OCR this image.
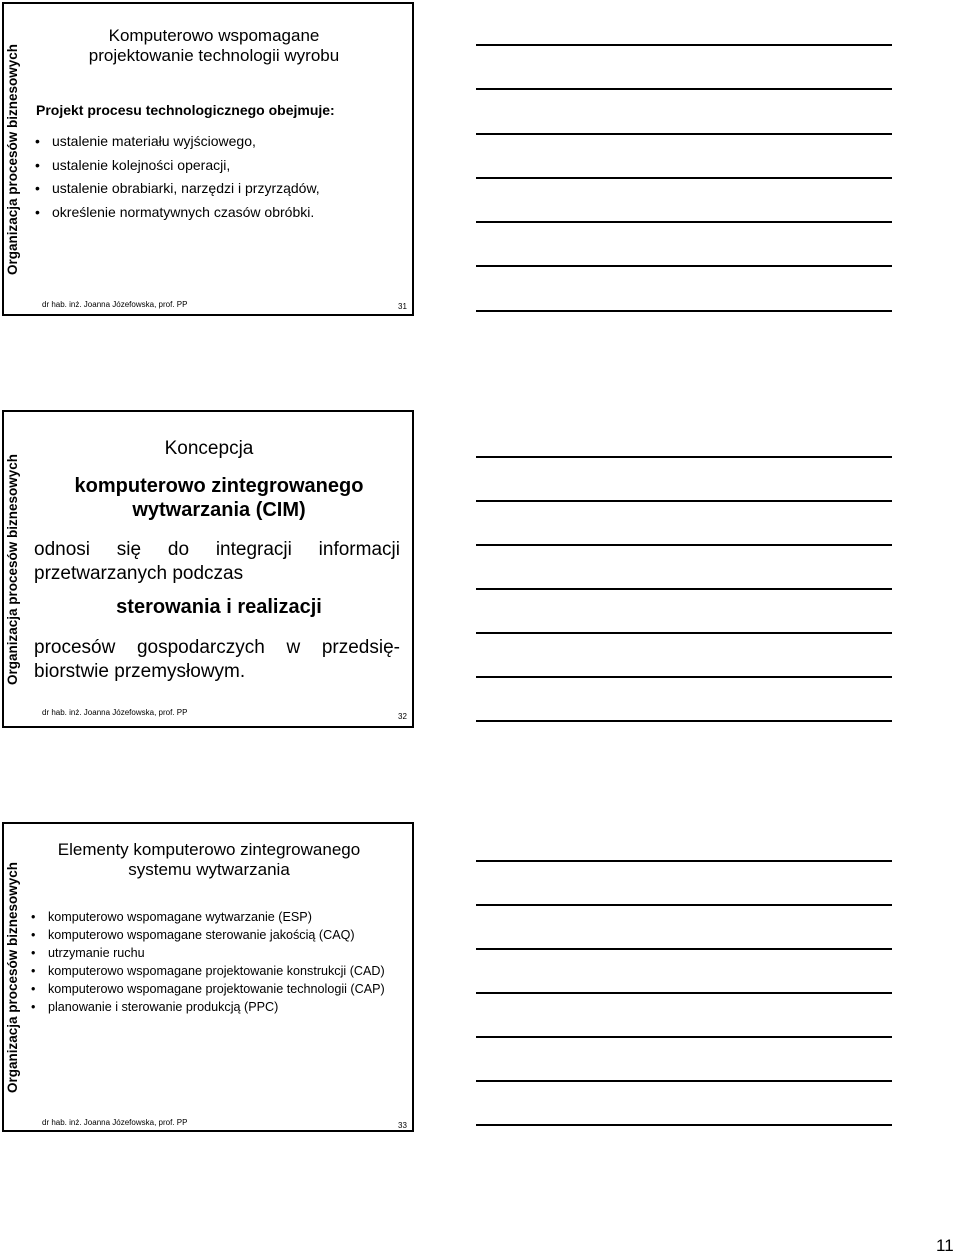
Organizacja procesów biznesowych
Komputerowo wspomagane
projektowanie technologii wyrobu
Projekt procesu technologicznego obejmuje:
• ustalenie materiału wyjściowego,
• ustalenie kolejności operacji,
• ustalenie obrabiarki, narzędzi i przyrządów,
• określenie normatywnych czasów obróbki.
dr hab. inż. Joanna Józefowska, prof. PP	31
Organizacja procesów biznesowych
Koncepcja
komputerowo zintegrowanego
wytwarzania (CIM)
odnosi się do integracji informacji
przetwarzanych podczas
sterowania i realizacji
procesów gospodarczych w przedsię-
biorstwie przemysłowym.
dr hab. inż. Joanna Józefowska, prof. PP	32
Organizacja procesów biznesowych
Elementy komputerowo zintegrowanego
systemu wytwarzania
• komputerowo wspomagane wytwarzanie (ESP)
• komputerowo wspomagane sterowanie jakością (CAQ)
• utrzymanie ruchu
• komputerowo wspomagane projektowanie konstrukcji (CAD)
• komputerowo wspomagane projektowanie technologii (CAP)
• planowanie i sterowanie produkcją (PPC)
dr hab. inż. Joanna Józefowska, prof. PP	33
11
